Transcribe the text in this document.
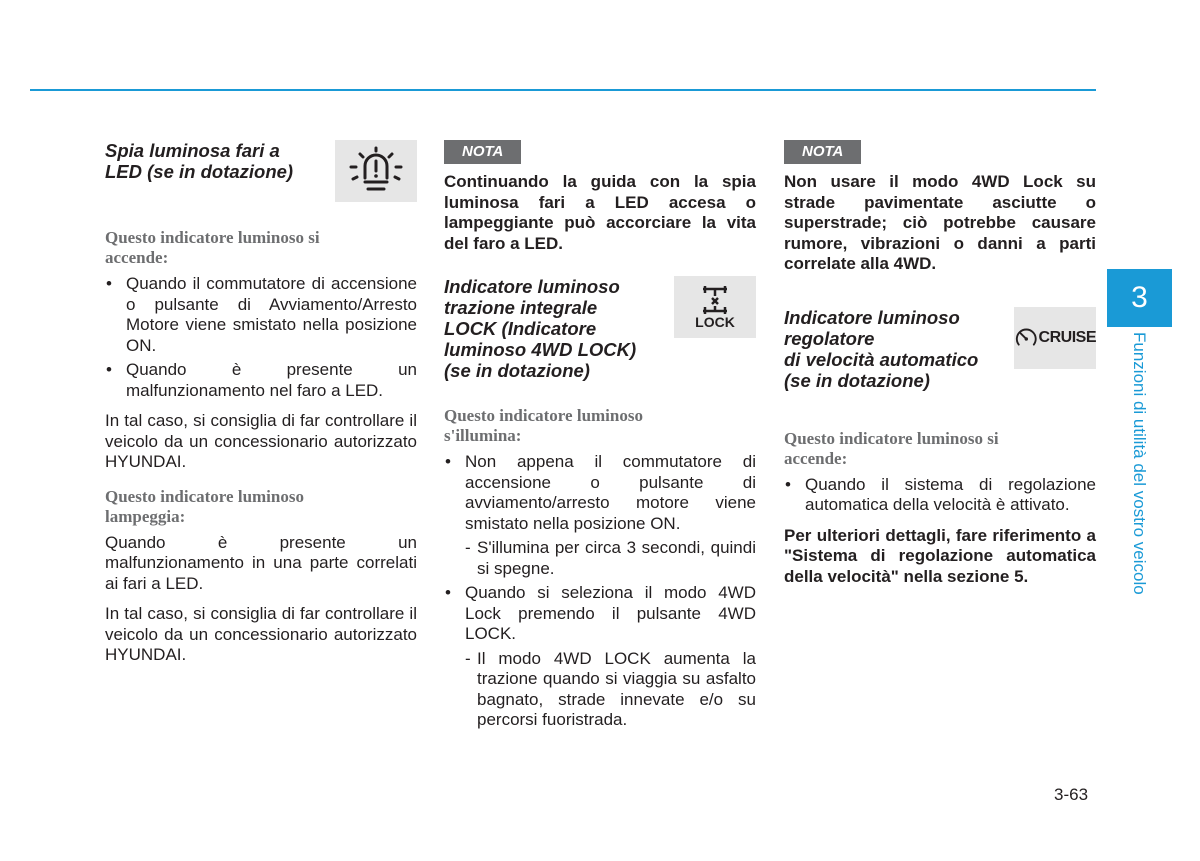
Spia luminosa fari a
LED (se in dotazione)

Questo indicatore luminoso si
accende:

• Quando il commutatore di accensione o pulsante di Avviamento/Arresto Motore viene smistato nella posizione ON.
• Quando è presente un malfunzionamento nel faro a LED.

In tal caso, si consiglia di far controllare il veicolo da un concessionario autorizzato HYUNDAI.

Questo indicatore luminoso
lampeggia:

Quando è presente un malfunzionamento in una parte correlati ai fari a LED.

In tal caso, si consiglia di far controllare il veicolo da un concessionario autorizzato HYUNDAI.

NOTA

Continuando la guida con la spia luminosa fari a LED accesa o lampeggiante può accorciare la vita del faro a LED.

Indicatore luminoso
trazione integrale
LOCK (Indicatore
luminoso 4WD LOCK)
(se in dotazione)

LOCK

Questo indicatore luminoso
s'illumina:

• Non appena il commutatore di accensione o pulsante di avviamento/arresto motore viene smistato nella posizione ON.
- S'illumina per circa 3 secondi, quindi si spegne.
• Quando si seleziona il modo 4WD Lock premendo il pulsante 4WD LOCK.
- Il modo 4WD LOCK aumenta la trazione quando si viaggia su asfalto bagnato, strade innevate e/o su percorsi fuoristrada.
NOTA

Non usare il modo 4WD Lock su strade pavimentate asciutte o superstrade; ciò potrebbe causare rumore, vibrazioni o danni a parti correlate alla 4WD.

Indicatore luminoso
regolatore
di velocità automatico
(se in dotazione)

CRUISE

Questo indicatore luminoso si
accende:

• Quando il sistema di regolazione automatica della velocità è attivato.

Per ulteriori dettagli, fare riferimento a "Sistema di regolazione automatica della velocità" nella sezione 5.

3
Funzioni di utilità del vostro veicolo
3-63
